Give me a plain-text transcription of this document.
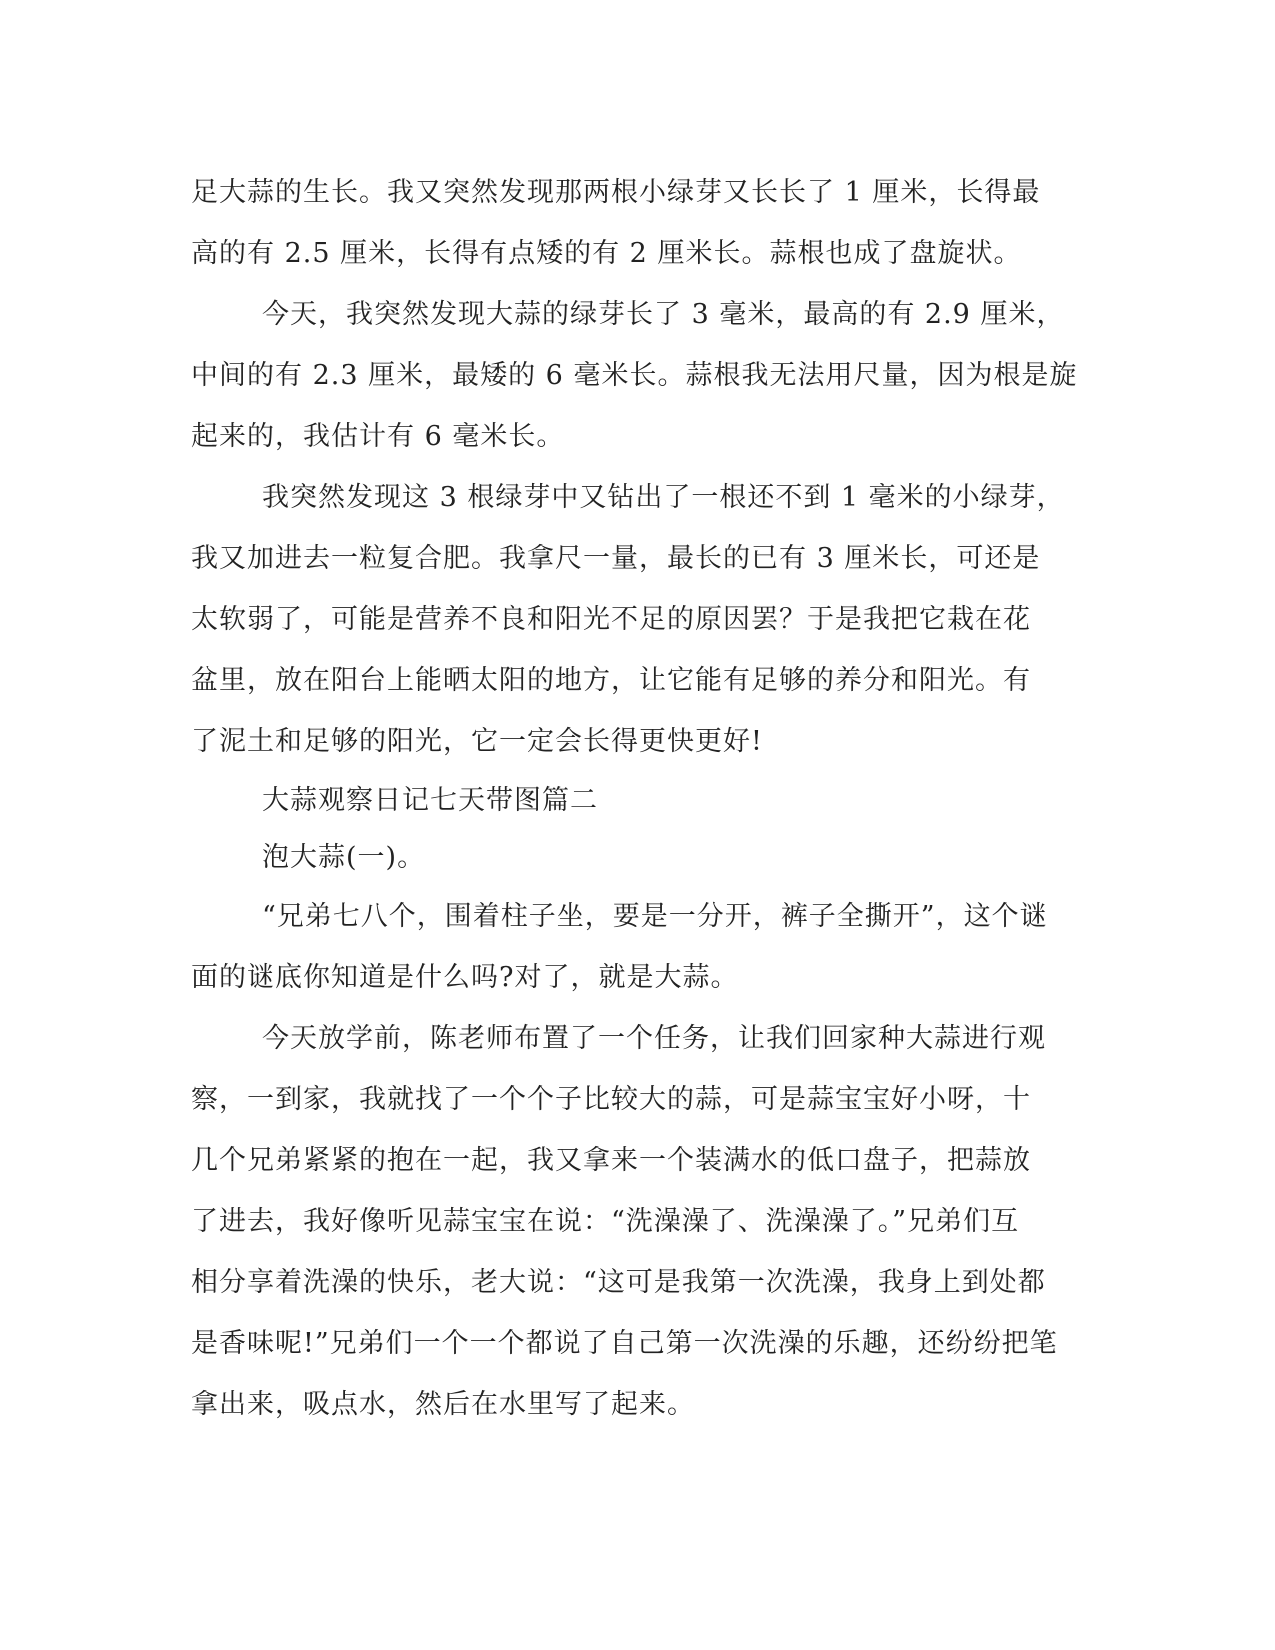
足大蒜的生长。我又突然发现那两根小绿芽又长长了 1 厘米，长得最
高的有 2.5 厘米，长得有点矮的有 2 厘米长。蒜根也成了盘旋状。
今天，我突然发现大蒜的绿芽长了 3 毫米，最高的有 2.9 厘米，
中间的有 2.3 厘米，最矮的 6 毫米长。蒜根我无法用尺量，因为根是旋
起来的，我估计有 6 毫米长。
我突然发现这 3 根绿芽中又钻出了一根还不到 1 毫米的小绿芽，
我又加进去一粒复合肥。我拿尺一量，最长的已有 3 厘米长，可还是
太软弱了，可能是营养不良和阳光不足的原因罢？于是我把它栽在花
盆里，放在阳台上能晒太阳的地方，让它能有足够的养分和阳光。有
了泥土和足够的阳光，它一定会长得更快更好!
大蒜观察日记七天带图篇二
泡大蒜(一)。
“兄弟七八个，围着柱子坐，要是一分开，裤子全撕开”，这个谜
面的谜底你知道是什么吗?对了，就是大蒜。
今天放学前，陈老师布置了一个任务，让我们回家种大蒜进行观
察，一到家，我就找了一个个子比较大的蒜，可是蒜宝宝好小呀，十
几个兄弟紧紧的抱在一起，我又拿来一个装满水的低口盘子，把蒜放
了进去，我好像听见蒜宝宝在说：“洗澡澡了、洗澡澡了。”兄弟们互
相分享着洗澡的快乐，老大说：“这可是我第一次洗澡，我身上到处都
是香味呢!”兄弟们一个一个都说了自己第一次洗澡的乐趣，还纷纷把笔
拿出来，吸点水，然后在水里写了起来。
